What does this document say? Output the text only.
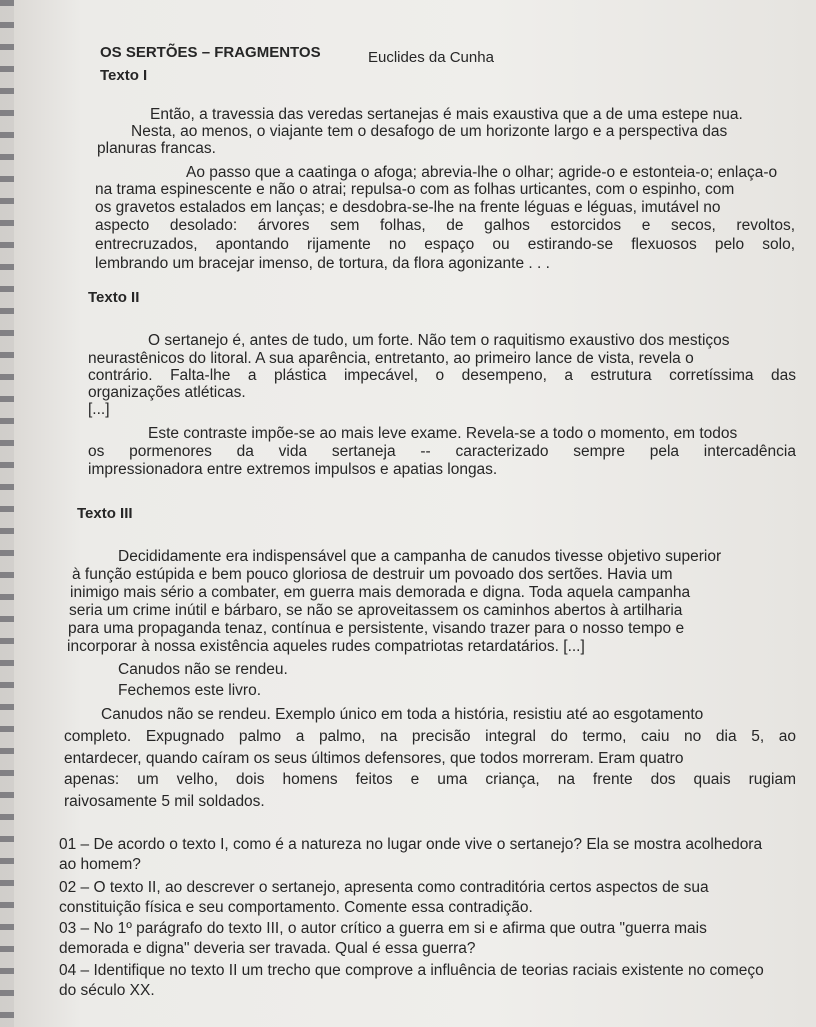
OS SERTÕES – FRAGMENTOS	Euclides da Cunha
Texto I
Então, a travessia das veredas sertanejas é mais exaustiva que a de uma estepe nua.
Nesta, ao menos, o viajante tem o desafogo de um horizonte largo e a perspectiva das
planuras francas.
Ao passo que a caatinga o afoga; abrevia-lhe o olhar; agride-o e estonteia-o; enlaça-o
na trama espinescente e não o atrai; repulsa-o com as folhas urticantes, com o espinho, com
os gravetos estalados em lanças; e desdobra-se-lhe na frente léguas e léguas, imutável no
aspecto desolado: árvores sem folhas, de galhos estorcidos e secos, revoltos,
entrecruzados, apontando rijamente no espaço ou estirando-se flexuosos pelo solo,
lembrando um bracejar imenso, de tortura, da flora agonizante . . .
Texto II
O sertanejo é, antes de tudo, um forte. Não tem o raquitismo exaustivo dos mestiços
neurastênicos do litoral. A sua aparência, entretanto, ao primeiro lance de vista, revela o
contrário. Falta-lhe a plástica impecável, o desempeno, a estrutura corretíssima das
organizações atléticas.
[...]
Este contraste impõe-se ao mais leve exame. Revela-se a todo o momento, em todos
os pormenores da vida sertaneja -- caracterizado sempre pela intercadência
impressionadora entre extremos impulsos e apatias longas.
Texto III
Decididamente era indispensável que a campanha de canudos tivesse objetivo superior
à função estúpida e bem pouco gloriosa de destruir um povoado dos sertões. Havia um
inimigo mais sério a combater, em guerra mais demorada e digna. Toda aquela campanha
seria um crime inútil e bárbaro, se não se aproveitassem os caminhos abertos à artilharia
para uma propaganda tenaz, contínua e persistente, visando trazer para o nosso tempo e
incorporar à nossa existência aqueles rudes compatriotas retardatários. [...]
Canudos não se rendeu.
Fechemos este livro.
Canudos não se rendeu. Exemplo único em toda a história, resistiu até ao esgotamento
completo. Expugnado palmo a palmo, na precisão integral do termo, caiu no dia 5, ao
entardecer, quando caíram os seus últimos defensores, que todos morreram. Eram quatro
apenas: um velho, dois homens feitos e uma criança, na frente dos quais rugiam
raivosamente 5 mil soldados.
01 – De acordo o texto I, como é a natureza no lugar onde vive o sertanejo? Ela se mostra acolhedora
ao homem?
02 – O texto II, ao descrever o sertanejo, apresenta como contraditória certos aspectos de sua
constituição física e seu comportamento. Comente essa contradição.
03 – No 1º parágrafo do texto III, o autor crítico a guerra em si e afirma que outra "guerra mais
demorada e digna" deveria ser travada. Qual é essa guerra?
04 – Identifique no texto II um trecho que comprove a influência de teorias raciais existente no começo
do século XX.
